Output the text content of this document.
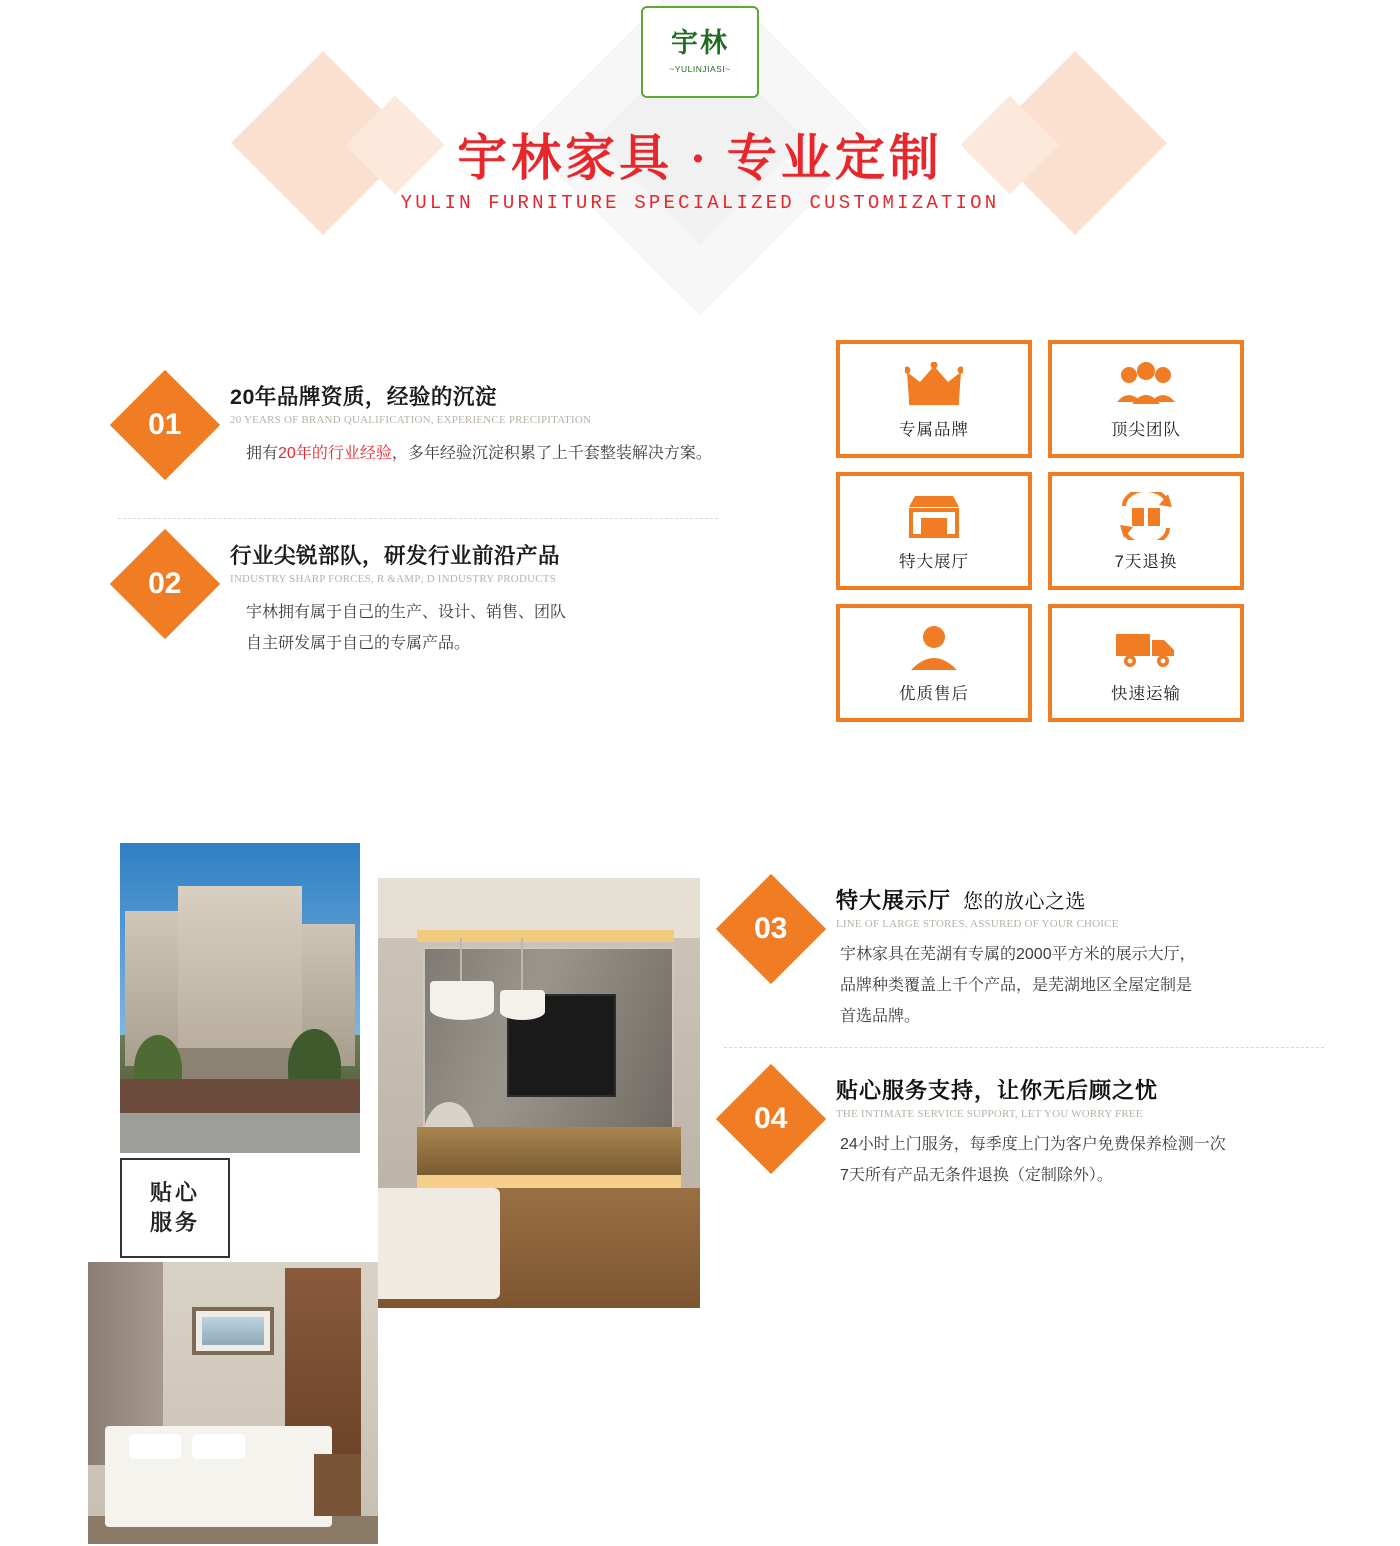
宇林
~YULINJIASI~
宇林家具 · 专业定制
YULIN FURNITURE SPECIALIZED CUSTOMIZATION
01
20年品牌资质，经验的沉淀
20 YEARS OF BRAND QUALIFICATION, EXPERIENCE PRECIPITATION
拥有20年的行业经验，多年经验沉淀积累了上千套整装解决方案。
02
行业尖锐部队，研发行业前沿产品
INDUSTRY SHARP FORCES, R &AMP; D INDUSTRY PRODUCTS
宇林拥有属于自己的生产、设计、销售、团队
自主研发属于自己的专属产品。
专属品牌	顶尖团队
特大展厅	7天退换
优质售后	快速运输
贴心
服务
03
特大展示厅 您的放心之选
LINE OF LARGE STORES, ASSURED OF YOUR CHOICE
宇林家具在芜湖有专属的2000平方米的展示大厅，
品牌种类覆盖上千个产品，是芜湖地区全屋定制是
首选品牌。
04
贴心服务支持，让你无后顾之忧
THE INTIMATE SERVICE SUPPORT, LET YOU WORRY FREE
24小时上门服务，每季度上门为客户免费保养检测一次
7天所有产品无条件退换（定制除外）。
